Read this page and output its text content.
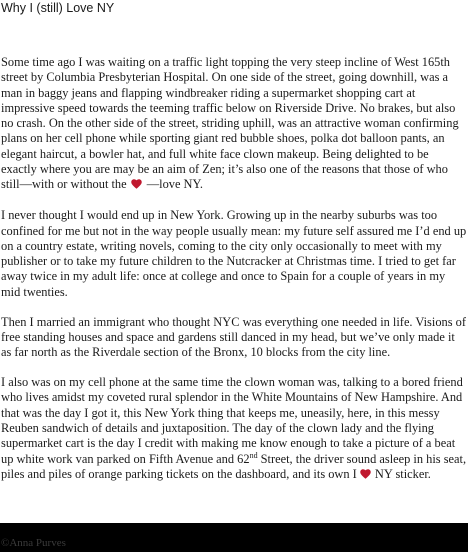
Why I (still) Love NY

Some time ago I was waiting on a traffic light topping the very steep incline of West 165th street by Columbia Presbyterian Hospital. On one side of the street, going downhill, was a man in baggy jeans and flapping windbreaker riding a supermarket shopping cart at impressive speed towards the teeming traffic below on Riverside Drive. No brakes, but also no crash. On the other side of the street, striding uphill, was an attractive woman confirming plans on her cell phone while sporting giant red bubble shoes, polka dot balloon pants, an elegant haircut, a bowler hat, and full white face clown makeup. Being delighted to be exactly where you are may be an aim of Zen; it’s also one of the reasons that those of who still—with or without the —love NY.

I never thought I would end up in New York. Growing up in the nearby suburbs was too confined for me but not in the way people usually mean: my future self assured me I’d end up on a country estate, writing novels, coming to the city only occasionally to meet with my publisher or to take my future children to the Nutcracker at Christmas time. I tried to get far away twice in my adult life: once at college and once to Spain for a couple of years in my mid twenties.

Then I married an immigrant who thought NYC was everything one needed in life. Visions of free standing houses and space and gardens still danced in my head, but we’ve only made it as far north as the Riverdale section of the Bronx, 10 blocks from the city line.

I also was on my cell phone at the same time the clown woman was, talking to a bored friend who lives amidst my coveted rural splendor in the White Mountains of New Hampshire. And that was the day I got it, this New York thing that keeps me, uneasily, here, in this messy Reuben sandwich of details and juxtaposition. The day of the clown lady and the flying supermarket cart is the day I credit with making me know enough to take a picture of a beat up white work van parked on Fifth Avenue and 62nd Street, the driver sound asleep in his seat, piles and piles of orange parking tickets on the dashboard, and its own I NY sticker.

©Anna Purves
